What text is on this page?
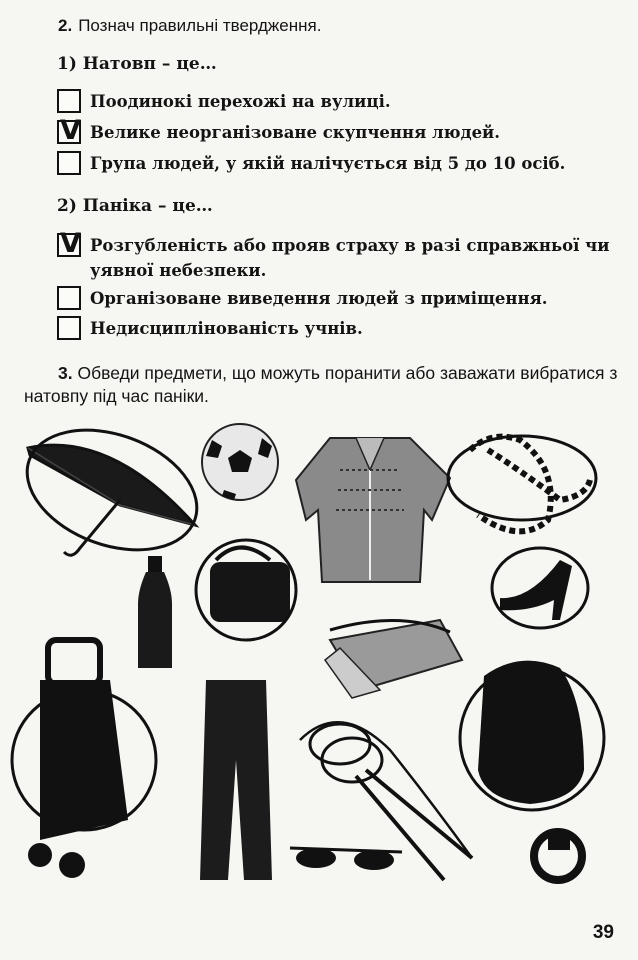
2. Познач правильні твердження.
1) Натовп – це…
Поодинокі перехожі на вулиці.
V Велике неорганізоване скупчення людей.
Група людей, у якій налічується від 5 до 10 осіб.
2) Паніка – це…
V Розгубленість або прояв страху в разі справжньої чи уявної небезпеки.
Організоване виведення людей з приміщення.
Недисциплінованість учнів.
3. Обведи предмети, що можуть поранити або заважати вибратися з натовпу під час паніки.
39
